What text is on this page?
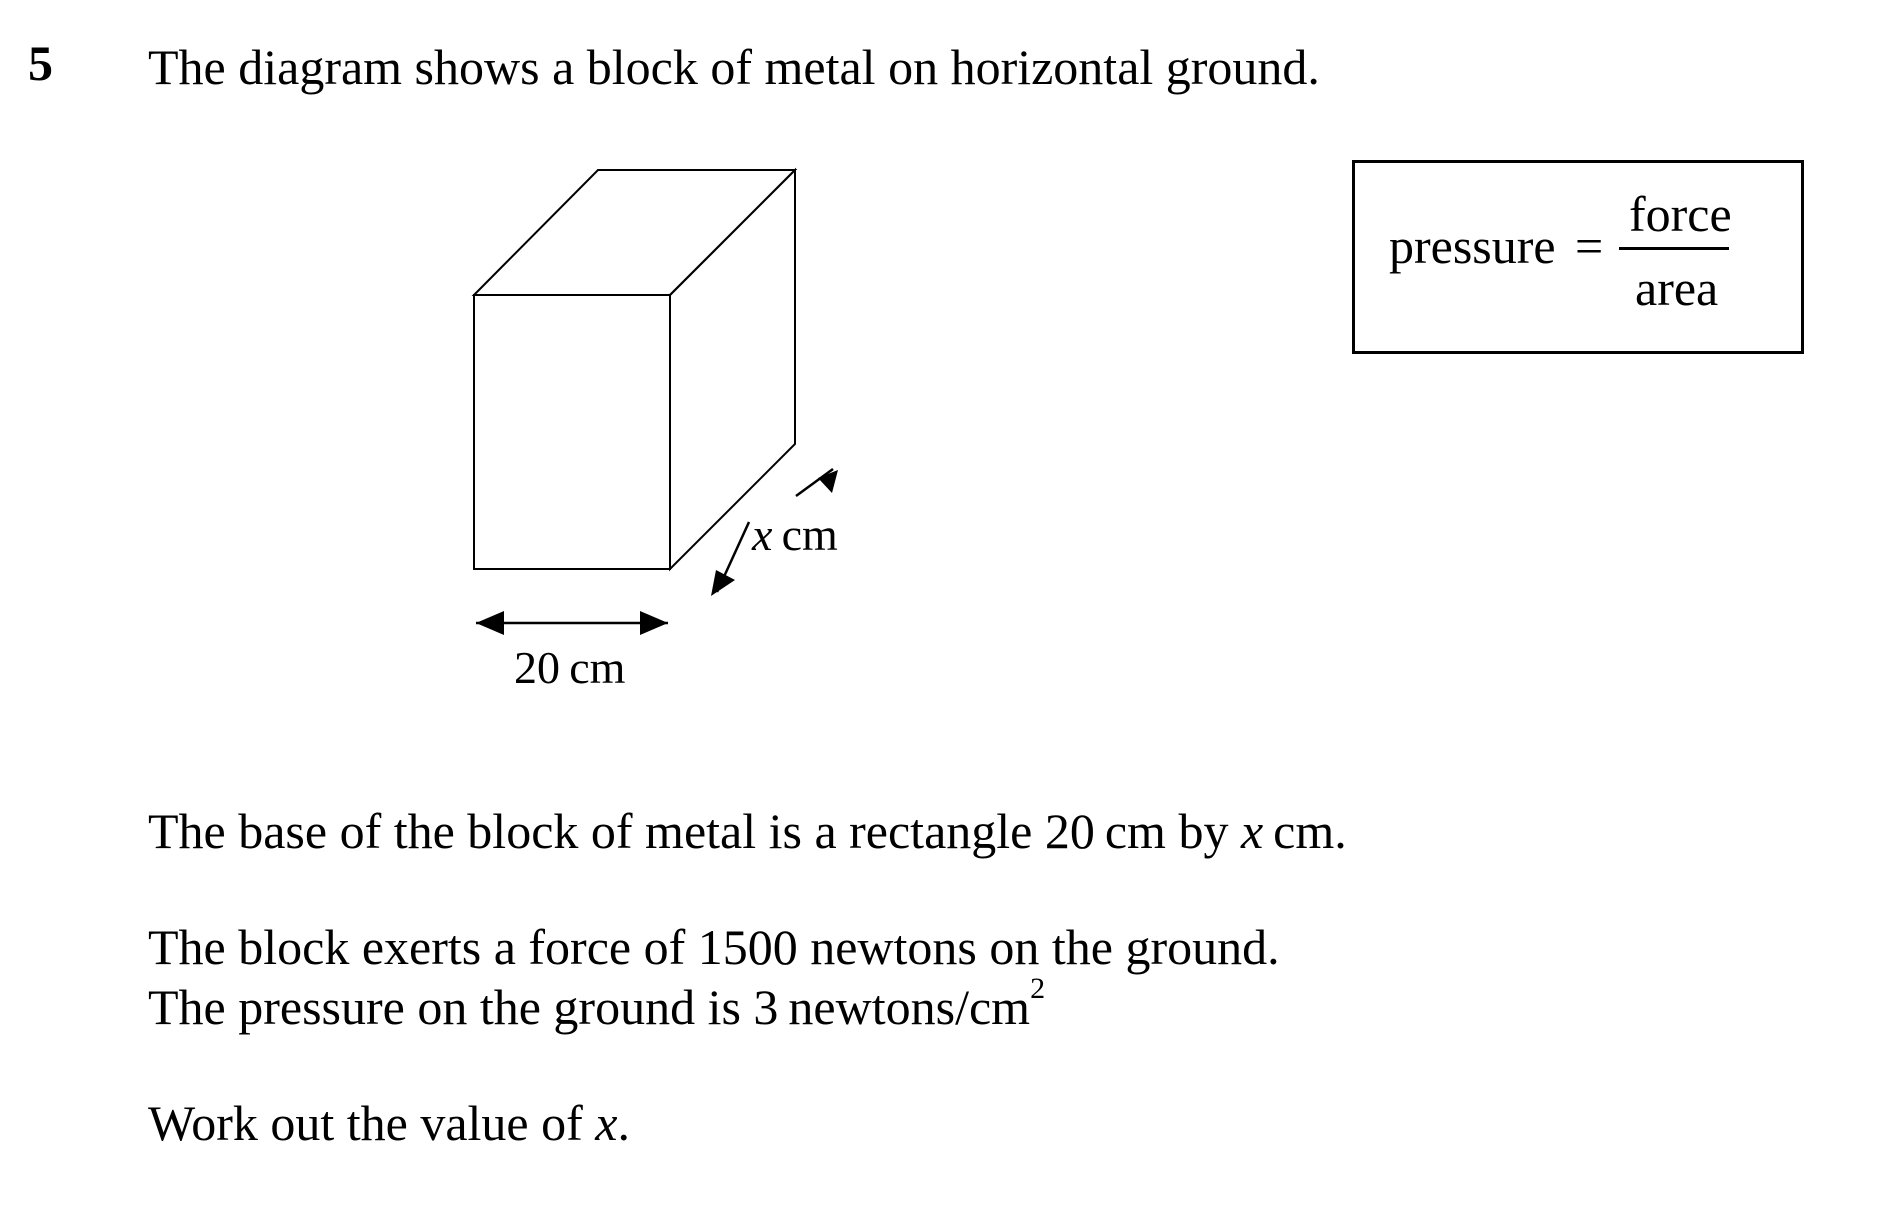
5 The diagram shows a block of metal on horizontal ground.
x  cm
20 cm
pressure =
force
area
The base of the block of metal is a rectangle 20 cm by x cm.
The block exerts a force of 1500 newtons on the ground.
The pressure on the ground is 3 newtons/$cm^2$
Work out the value of x.
